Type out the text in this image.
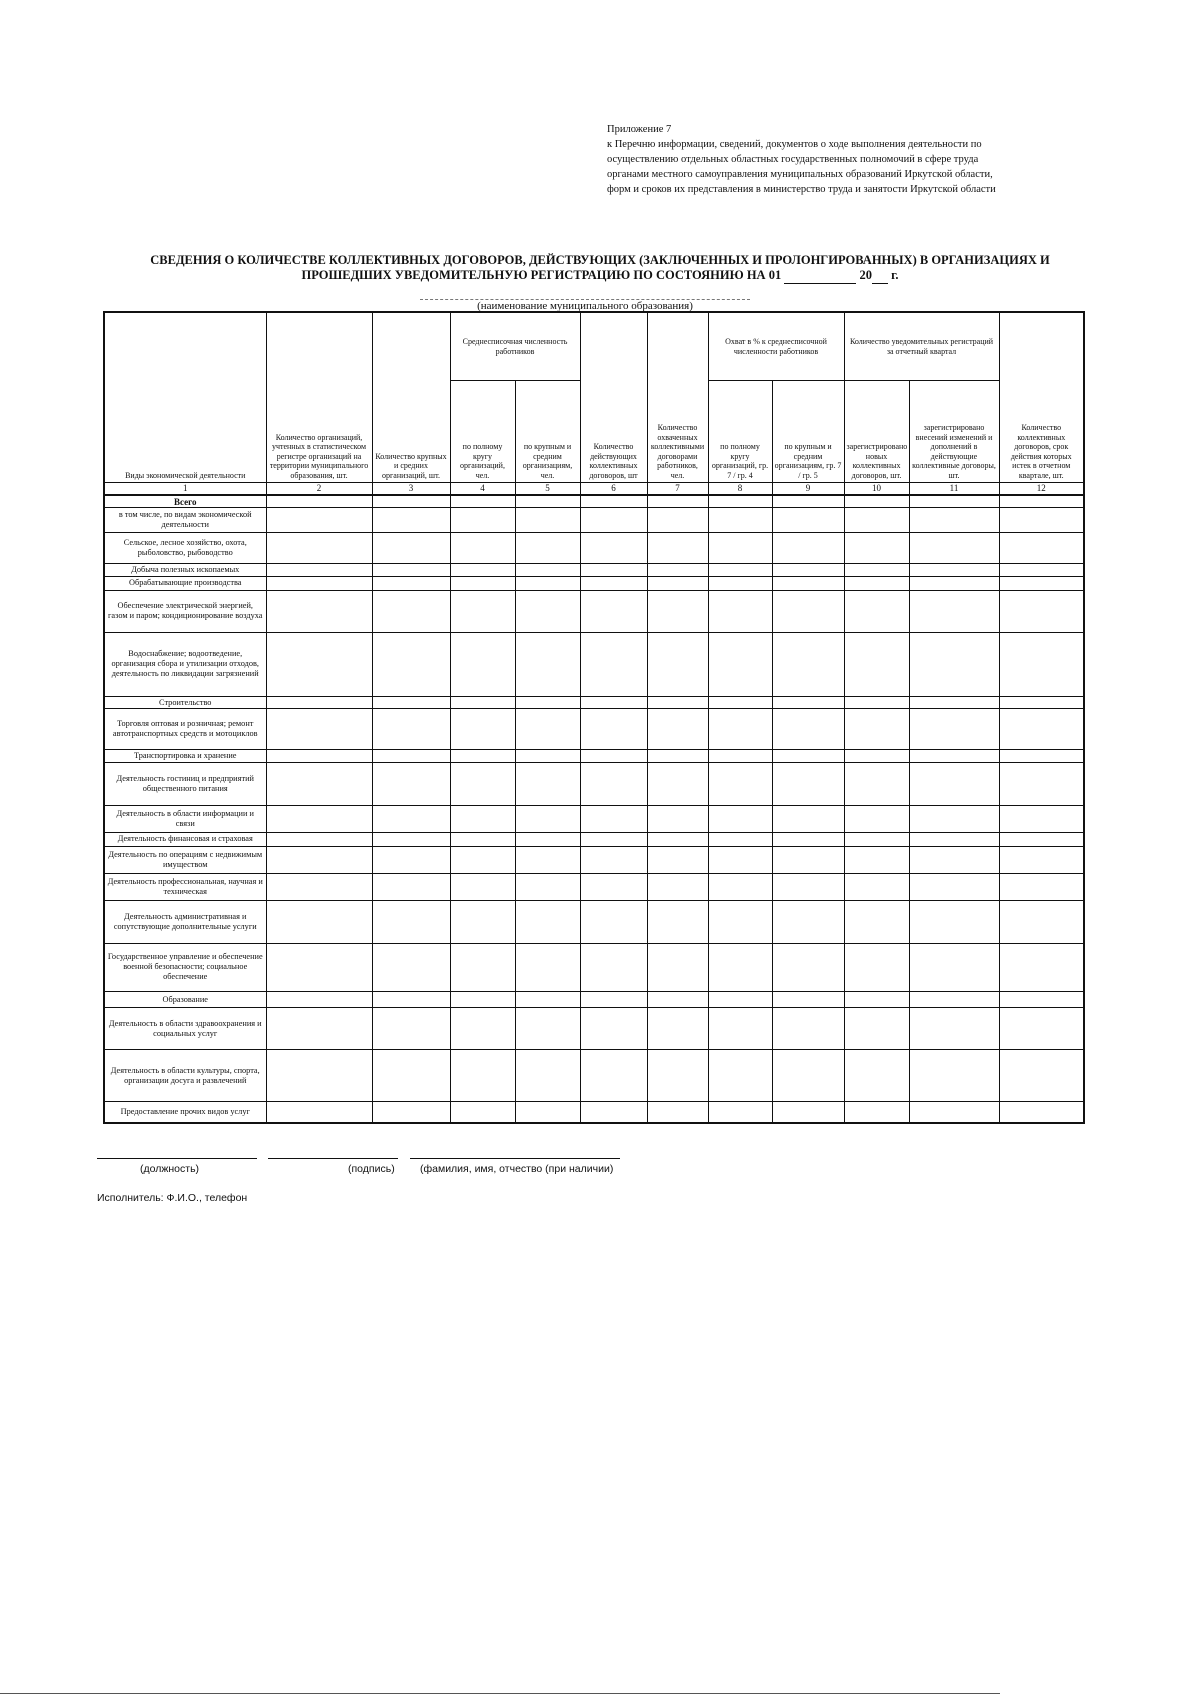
Приложение 7
к Перечню информации, сведений, документов о ходе выполнения деятельности по
осуществлению отдельных областных государственных полномочий в сфере труда
органами местного самоуправления муниципальных образований Иркутской области,
форм и сроков их представления в министерство труда и занятости Иркутской области
СВЕДЕНИЯ О КОЛИЧЕСТВЕ КОЛЛЕКТИВНЫХ ДОГОВОРОВ, ДЕЙСТВУЮЩИХ (ЗАКЛЮЧЕННЫХ И ПРОЛОНГИРОВАННЫХ) В ОРГАНИЗАЦИЯХ И
ПРОШЕДШИХ УВЕДОМИТЕЛЬНУЮ РЕГИСТРАЦИЮ ПО СОСТОЯНИЮ НА 01	20 г.
(наименование муниципального образования)
Виды экономической деятельности	Количество организаций, учтенных в статистическом регистре организаций на территории муниципального образования, шт.	Количество крупных и средних организаций, шт.	Среднесписочная численность работников		Количество действующих коллективных договоров, шт	Количество охваченных коллективными договорами работников, чел.	Охват в % к среднесписочной численности работников		Количество уведомительных регистраций за отчетный квартал		Количество коллективных договоров, срок действия которых истек в отчетном квартале, шт.
			по полному кругу организаций, чел.	по крупным и средним организациям, чел.			по полному кругу организаций, гр. 7 / гр. 4	по крупным и средним организациям, гр. 7 / гр. 5	зарегистрировано новых коллективных договоров, шт.	зарегистрировано внесений изменений и дополнений в действующие коллективные договоры, шт.	
1	2	3	4	5	6	7	8	9	10	11	12
Всего											
в том числе, по видам экономической деятельности											
Сельское, лесное хозяйство, охота, рыболовство, рыбоводство											
Добыча полезных ископаемых											
Обрабатывающие производства											
Обеспечение электрической энергией, газом и паром; кондиционирование воздуха											
Водоснабжение; водоотведение, организация сбора и утилизации отходов, деятельность по ликвидации загрязнений											
Строительство											
Торговля оптовая и розничная; ремонт автотранспортных средств и мотоциклов											
Транспортировка и хранение											
Деятельность гостиниц и предприятий общественного питания											
Деятельность в области информации и связи											
Деятельность финансовая и страховая											
Деятельность по операциям с недвижимым имуществом											
Деятельность профессиональная, научная и техническая											
Деятельность административная и сопутствующие дополнительные услуги											
Государственное управление и обеспечение военной безопасности; социальное обеспечение											
Образование											
Деятельность в области здравоохранения и социальных услуг											
Деятельность в области культуры, спорта, организации досуга и развлечений											
Предоставление прочих видов услуг											
(должность)	(подпись) (фамилия, имя, отчество (при наличии)
Исполнитель: Ф.И.О., телефон
